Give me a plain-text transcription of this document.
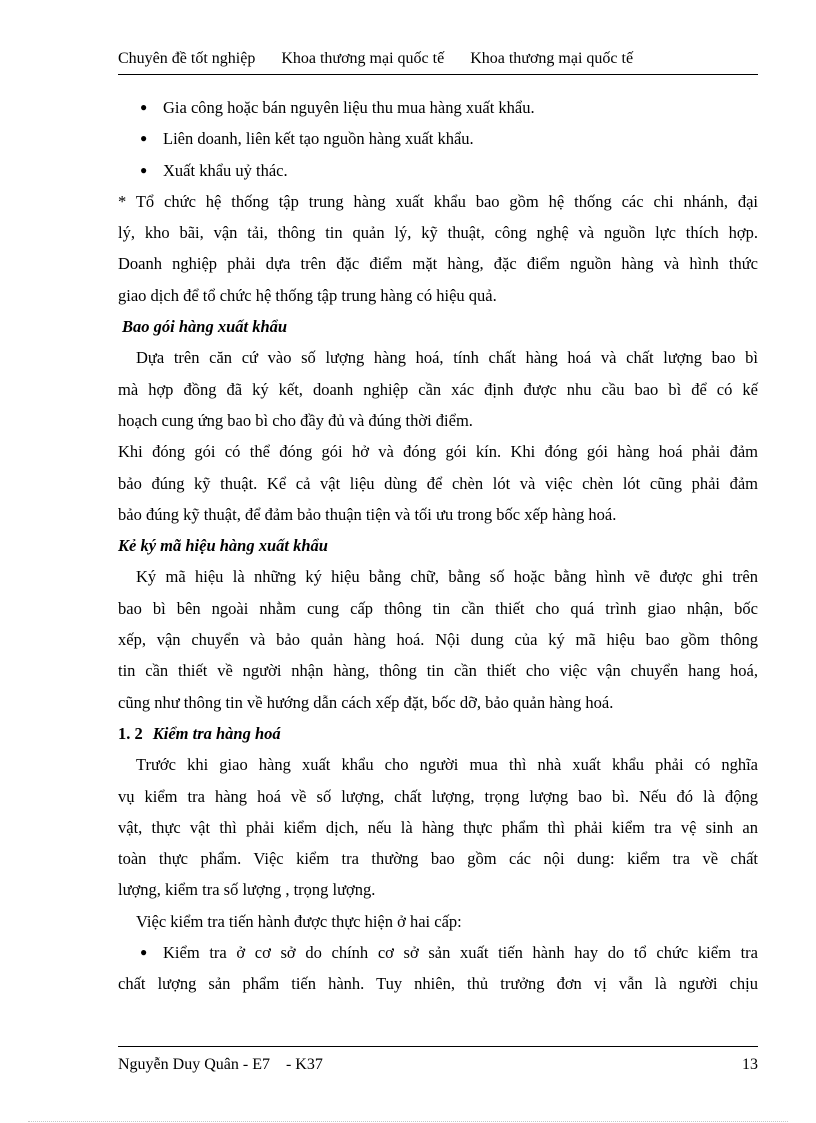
Chuyên đề tốt nghiệp Khoa thương mại quốc tế Khoa thương mại quốc tế

● Gia công hoặc bán nguyên liệu thu mua hàng xuất khẩu.

● Liên doanh, liên kết tạo nguồn hàng xuất khẩu.

● Xuất khẩu uỷ thác.

* Tổ chức hệ thống tập trung hàng xuất khẩu bao gồm hệ thống các chi nhánh, đại

lý, kho bãi, vận tải, thông tin quản lý, kỹ thuật, công nghệ và nguồn lực thích hợp.

Doanh nghiệp phải dựa trên đặc điểm mặt hàng, đặc điểm nguồn hàng và hình thức

giao dịch để tổ chức hệ thống tập trung hàng có hiệu quả.

Bao gói hàng xuất khẩu

Dựa trên căn cứ vào số lượng hàng hoá, tính chất hàng hoá và chất lượng bao bì

mà hợp đồng đã ký kết, doanh nghiệp cần xác định được nhu cầu bao bì để có kế

hoạch cung ứng bao bì cho đầy đủ và đúng thời điểm.

Khi đóng gói có thể đóng gói hở và đóng gói kín. Khi đóng gói hàng hoá phải đảm

bảo đúng kỹ thuật. Kể cả vật liệu dùng để chèn lót và việc chèn lót cũng phải đảm

bảo đúng kỹ thuật, để đảm bảo thuận tiện và tối ưu trong bốc xếp hàng hoá.

Kẻ ký mã hiệu hàng xuất khẩu

Ký mã hiệu là những ký hiệu bằng chữ, bằng số hoặc bằng hình vẽ được ghi trên

bao bì bên ngoài nhằm cung cấp thông tin cần thiết cho quá trình giao nhận, bốc

xếp, vận chuyển và bảo quản hàng hoá. Nội dung của ký mã hiệu bao gồm thông

tin cần thiết về người nhận hàng, thông tin cần thiết cho việc vận chuyển hang hoá,

cũng như thông tin về hướng dẫn cách xếp đặt, bốc dỡ, bảo quản hàng hoá.

1. 2 Kiểm tra hàng hoá

Trước khi giao hàng xuất khẩu cho người mua thì nhà xuất khẩu phải có nghĩa

vụ kiểm tra hàng hoá về số lượng, chất lượng, trọng lượng bao bì. Nếu đó là động

vật, thực vật thì phải kiểm dịch, nếu là hàng thực phẩm thì phải kiểm tra vệ sinh an

toàn thực phẩm. Việc kiểm tra thường bao gồm các nội dung: kiểm tra về chất

lượng, kiểm tra số lượng , trọng lượng.

Việc kiểm tra tiến hành được thực hiện ở hai cấp:

● Kiểm tra ở cơ sở do chính cơ sở sản xuất tiến hành hay do tổ chức kiểm tra

chất lượng sản phẩm tiến hành. Tuy nhiên, thủ trưởng đơn vị vẫn là người chịu

Nguyễn Duy Quân - E7    - K37	13
